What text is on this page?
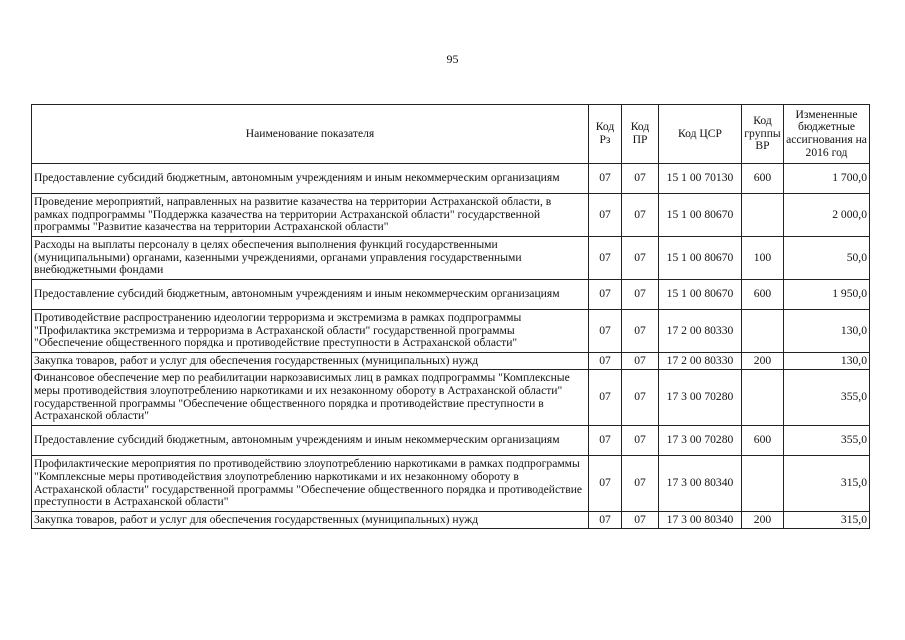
95
Наименование показателя	Код Рз	Код ПР	Код ЦСР	Код группы ВР	Измененные бюджетные ассигнования на 2016 год
Предоставление субсидий бюджетным, автономным учреждениям и иным некоммерческим организациям	07	07	15 1 00 70130	600	1 700,0
Проведение мероприятий, направленных на развитие казачества на территории Астраханской области, в рамках подпрограммы "Поддержка казачества на территории Астраханской области" государственной программы "Развитие казачества на территории Астраханской области"	07	07	15 1 00 80670		2 000,0
Расходы на выплаты персоналу в целях обеспечения выполнения функций государственными (муниципальными) органами, казенными учреждениями, органами управления государственными внебюджетными фондами	07	07	15 1 00 80670	100	50,0
Предоставление субсидий бюджетным, автономным учреждениям и иным некоммерческим организациям	07	07	15 1 00 80670	600	1 950,0
Противодействие распространению идеологии терроризма и экстремизма в рамках подпрограммы "Профилактика экстремизма и терроризма в Астраханской области" государственной программы "Обеспечение общественного порядка и противодействие преступности в Астраханской области"	07	07	17 2 00 80330		130,0
Закупка товаров, работ и услуг для обеспечения государственных (муниципальных) нужд	07	07	17 2 00 80330	200	130,0
Финансовое обеспечение мер по реабилитации наркозависимых лиц в рамках подпрограммы "Комплексные меры противодействия злоупотреблению наркотиками и их незаконному обороту в Астраханской области" государственной программы "Обеспечение общественного порядка и противодействие преступности в Астраханской области"	07	07	17 3 00 70280		355,0
Предоставление субсидий бюджетным, автономным учреждениям и иным некоммерческим организациям	07	07	17 3 00 70280	600	355,0
Профилактические мероприятия по противодействию злоупотреблению наркотиками в рамках подпрограммы "Комплексные меры противодействия злоупотреблению наркотиками и их незаконному обороту в Астраханской области" государственной программы "Обеспечение общественного порядка и противодействие преступности в Астраханской области"	07	07	17 3 00 80340		315,0
Закупка товаров, работ и услуг для обеспечения государственных (муниципальных) нужд	07	07	17 3 00 80340	200	315,0
